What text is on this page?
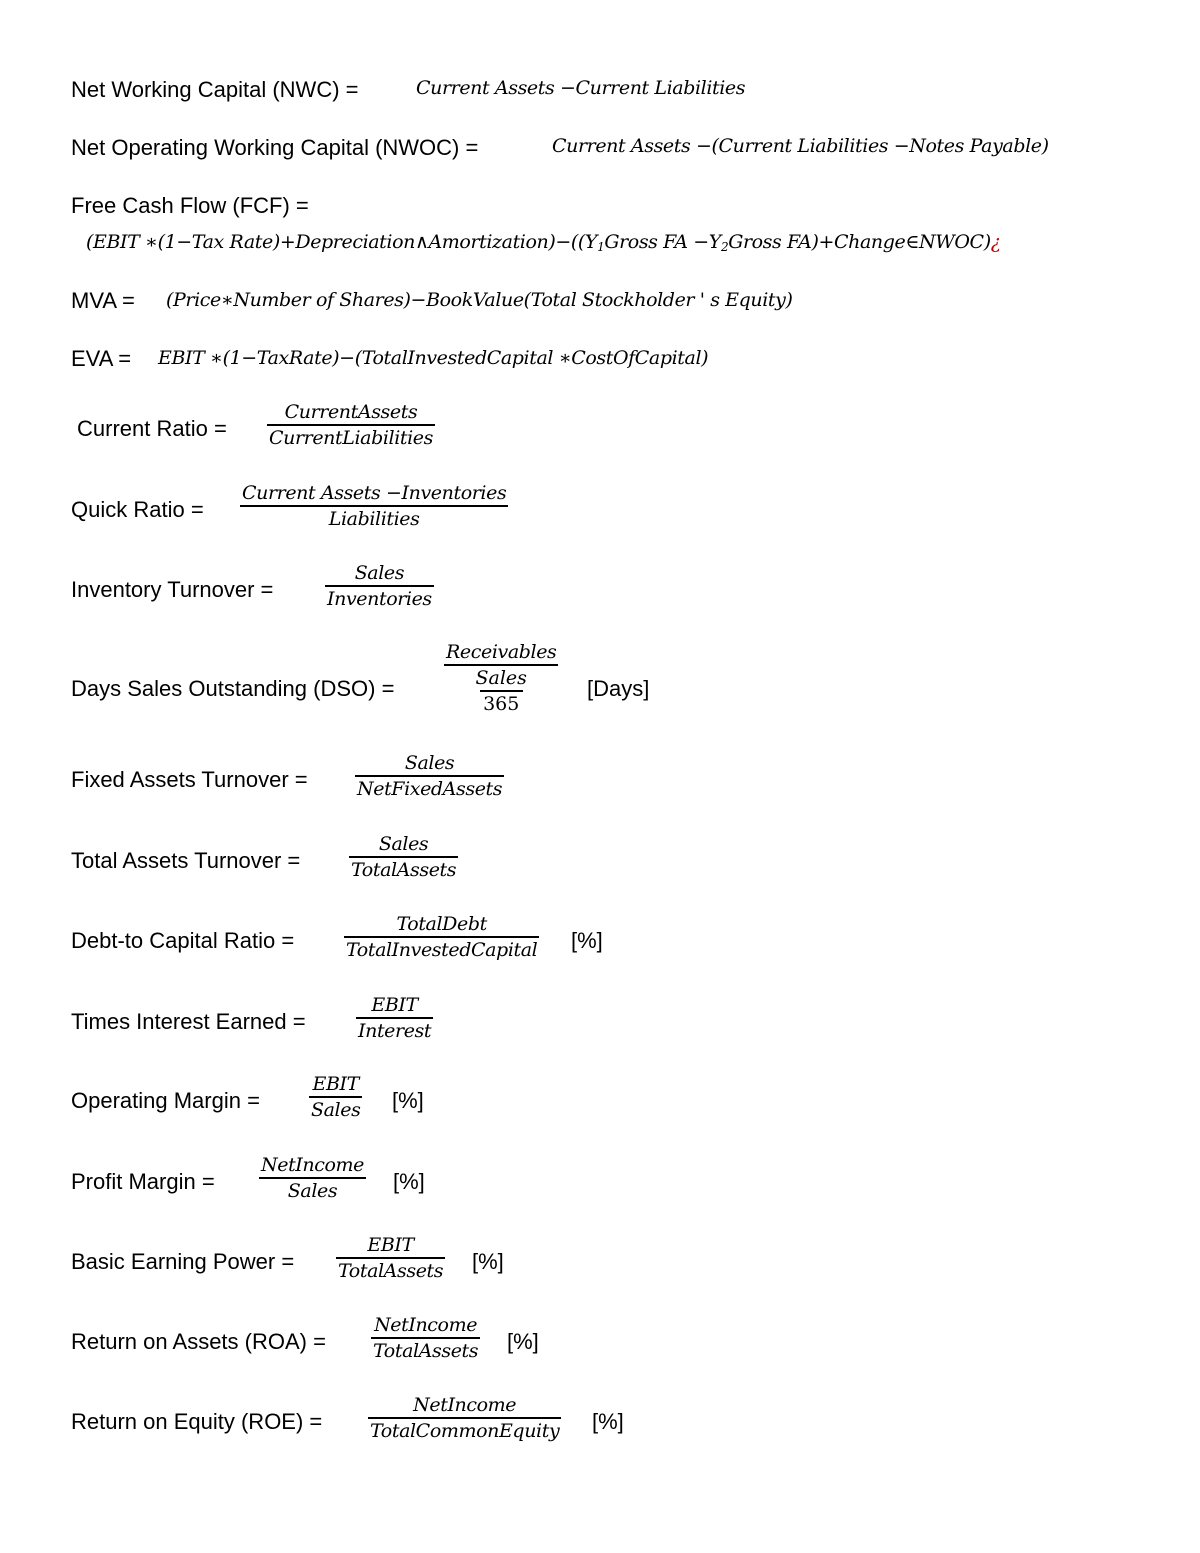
Net Working Capital (NWC) =	Current Assets −Current Liabilities
Net Operating Working Capital (NWOC) =	Current Assets −(Current Liabilities −Notes Payable)
Free Cash Flow (FCF) =
(EBIT ∗(1−Tax $Rate)+Depreciation\wedge Amortization)-((Y_1Gross$ FA $-Y_2Gross$ FA)+Change∈NWOC)¿
MVA = (Price∗Number of Shares)−BookValue(Total Stockholder ' s Equity)
EVA = EBIT ∗(1−TaxRate)−(TotalInvestedCapital ∗CostOfCapital)
Current Ratio =
CurrentAssets
CurrentLiabilities
Quick Ratio =
Current Assets −Inventories
Liabilities
Inventory Turnover =
Sales
Inventories
Days Sales Outstanding (DSO) =
Receivables
Sales
365
[Days]
Fixed Assets Turnover =
Sales
NetFixedAssets
Total Assets Turnover =
Sales
TotalAssets
Debt-to Capital Ratio =
TotalDebt
TotalInvestedCapital [%]
Times Interest Earned =
EBIT
Interest
Operating Margin =
EBIT
Sales [%]
Profit Margin =
NetIncome
Sales	[%]
Basic Earning Power =
EBIT
TotalAssets [%]
Return on Assets (ROA) =
NetIncome
TotalAssets [%]
Return on Equity (ROE) =
NetIncome
TotalCommonEquity [%]
